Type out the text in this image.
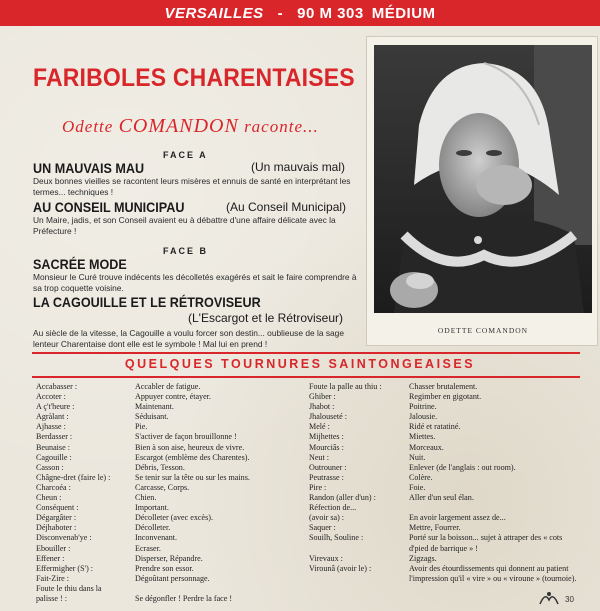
VERSAILLES - 90 M 303 MÉDIUM
FARIBOLES CHARENTAISES
Odette COMANDON raconte...
FACE A
UN MAUVAIS MAU	(Un mauvais mal)
Deux bonnes vieilles se racontent leurs misères et ennuis de santé en interprétant les termes... techniques !
AU CONSEIL MUNICIPAU	(Au Conseil Municipal)
Un Maire, jadis, et son Conseil avaient eu à débattre d'une affaire délicate avec la Préfecture !
FACE B
SACRÉE MODE
Monsieur le Curé trouve indécents les décolletés exagérés et sait le faire comprendre à sa trop coquette voisine.
LA CAGOUILLE ET LE RÉTROVISEUR
(L'Escargot et le Rétroviseur)
Au siècle de la vitesse, la Cagouille a voulu forcer son destin... oublieuse de la sage lenteur Charentaise dont elle est le symbole ! Mal lui en prend !
ODETTE COMANDON
QUELQUES TOURNURES SAINTONGEAISES
Accabasser :	Accabler de fatigue.
Accoter :	Appuyer contre, étayer.
A ç't'heure :	Maintenant.
Agràlant :	Séduisant.
Ajhasse :	Pie.
Berdasser :	S'activer de façon brouillonne !
Beunaise :	Bien à son aise, heureux de vivre.
Cagouille :	Escargot (emblème des Charentes).
Casson :	Débris, Tesson.
Châgne-dret (faire le) :	Se tenir sur la tête ou sur les mains.
Charcoéa :	Carcasse, Corps.
Cheun :	Chien.
Conséquent :	Important.
Dégargâter :	Décolleter (avec excès).
Déjhaboter :	Décolleter.
Disconvenab'ye :	Inconvenant.
Ebouiller :	Ecraser.
Effener :	Disperser, Répandre.
Effermigher (S') :	Prendre son essor.
Fait-Zire :	Dégoûtant personnage.
Foute le thiu dans la
palisse ! :	Se dégonfler ! Perdre la face !
Foute la palle au thiu :	Chasser brutalement.
Ghiber :	Regimber en gigotant.
Jhabot :	Poitrine.
Jhalouseté :	Jalousie.
Melé :	Ridé et ratatiné.
Mijhettes :	Miettes.
Mourciâs :	Morceaux.
Neut :	Nuit.
Outrouner :	Enlever (de l'anglais : out room).
Peutrasse :	Colère.
Pire :	Foie.
Randon (aller d'un) :	Aller d'un seul élan.
Réfection de...
(avoir sa) :	En avoir largement assez de...
Saquer :	Mettre, Fourrer.
Souilh, Souline :	Porté sur la boisson... sujet à attraper des « cots d'pied de barrique » !
Virevaux :	Zigzags.
Virounâ (avoir le) :	Avoir des étourdissements qui donnent au patient l'impression qu'il « vire » ou « viroune » (tournoie).
30
